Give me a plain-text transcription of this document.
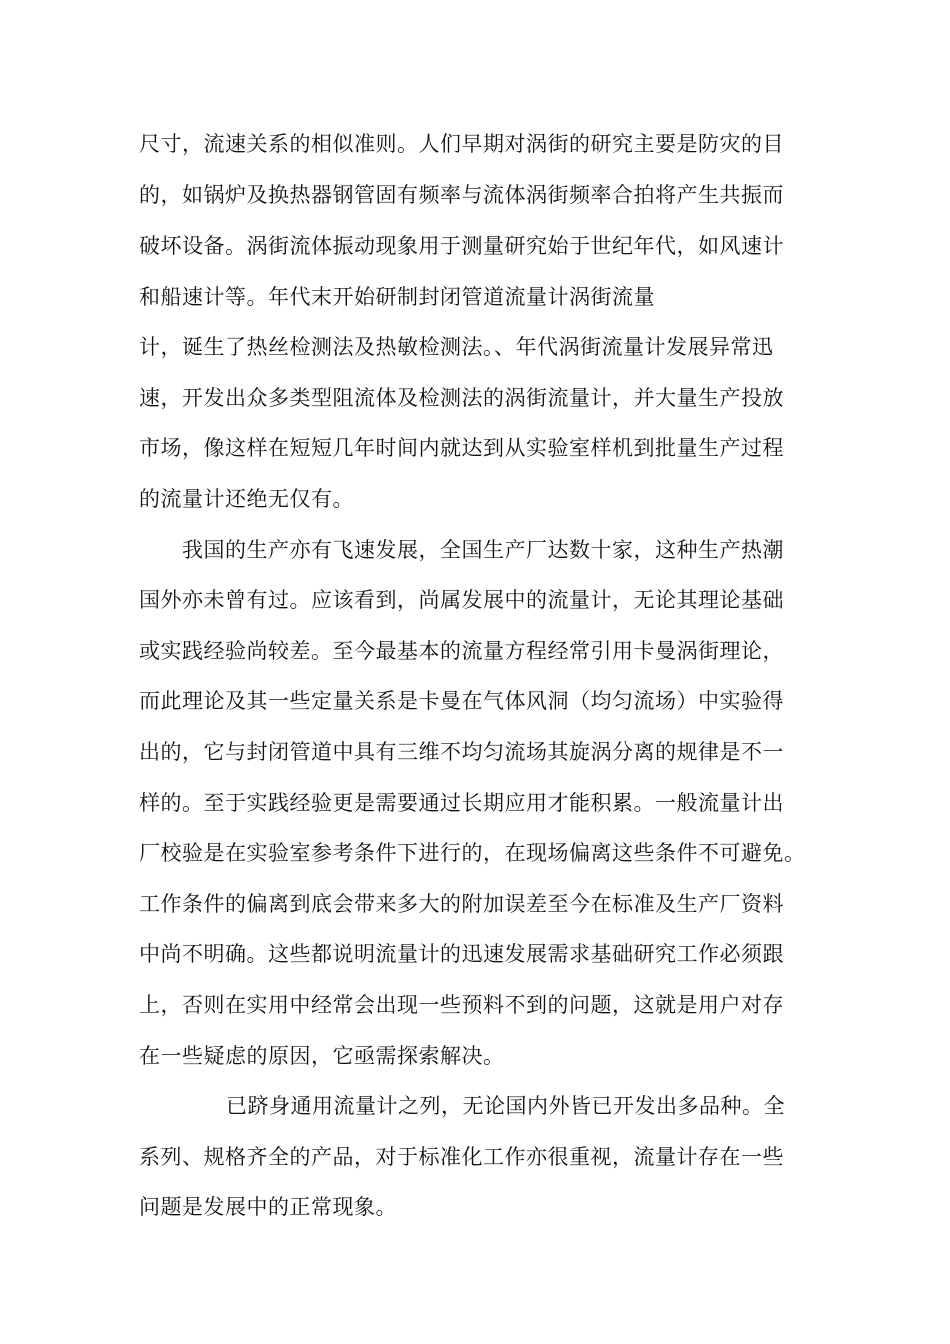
尺寸，流速关系的相似准则。人们早期对涡街的研究主要是防灾的目
的，如锅炉及换热器钢管固有频率与流体涡街频率合拍将产生共振而
破坏设备。涡街流体振动现象用于测量研究始于世纪年代，如风速计
和船速计等。年代末开始研制封闭管道流量计涡街流量
计，诞生了热丝检测法及热敏检测法。、年代涡街流量计发展异常迅
速，开发出众多类型阻流体及检测法的涡街流量计，并大量生产投放
市场，像这样在短短几年时间内就达到从实验室样机到批量生产过程
的流量计还绝无仅有。
我国的生产亦有飞速发展，全国生产厂达数十家，这种生产热潮
国外亦未曾有过。应该看到，尚属发展中的流量计，无论其理论基础
或实践经验尚较差。至今最基本的流量方程经常引用卡曼涡街理论，
而此理论及其一些定量关系是卡曼在气体风洞（均匀流场）中实验得
出的，它与封闭管道中具有三维不均匀流场其旋涡分离的规律是不一
样的。至于实践经验更是需要通过长期应用才能积累。一般流量计出
厂校验是在实验室参考条件下进行的，在现场偏离这些条件不可避免。
工作条件的偏离到底会带来多大的附加误差至今在标准及生产厂资料
中尚不明确。这些都说明流量计的迅速发展需求基础研究工作必须跟
上，否则在实用中经常会出现一些预料不到的问题，这就是用户对存
在一些疑虑的原因，它亟需探索解决。
已跻身通用流量计之列，无论国内外皆已开发出多品种。全
系列、规格齐全的产品，对于标准化工作亦很重视，流量计存在一些
问题是发展中的正常现象。
